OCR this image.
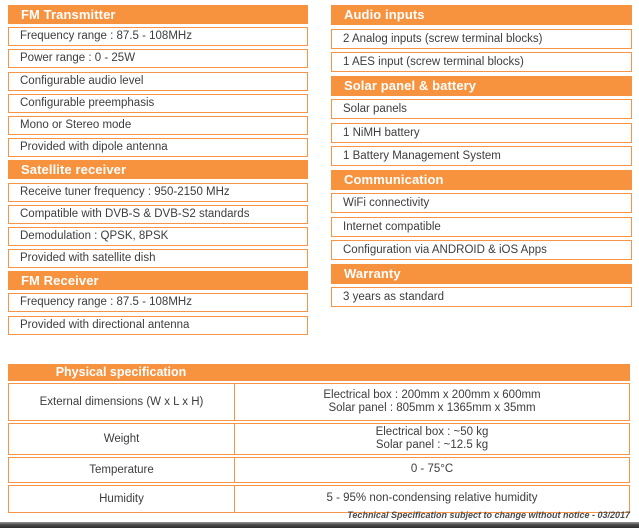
FM Transmitter
Frequency range : 87.5 - 108MHz
Power range : 0 - 25W
Configurable audio level
Configurable preemphasis
Mono or Stereo mode
Provided with dipole antenna
Satellite receiver
Receive tuner frequency : 950-2150 MHz
Compatible with DVB-S & DVB-S2 standards
Demodulation : QPSK, 8PSK
Provided with satellite dish
FM Receiver
Frequency range : 87.5 - 108MHz
Provided with directional antenna
Audio inputs
2 Analog inputs (screw terminal blocks)
1 AES input (screw terminal blocks)
Solar panel & battery
Solar panels
1 NiMH battery
1 Battery Management System
Communication
WiFi connectivity
Internet compatible
Configuration via ANDROID & iOS Apps
Warranty
3 years as standard
Physical specification
External dimensions (W x L x H)
Electrical box : 200mm x 200mm x 600mm
Solar panel : 805mm x 1365mm x 35mm
Weight
Electrical box : ~50 kg
Solar panel : ~12.5 kg
Temperature	0 - 75°C
Humidity	5 - 95% non-condensing relative humidity
Technical Specification subject to change without notice - 03/2017
